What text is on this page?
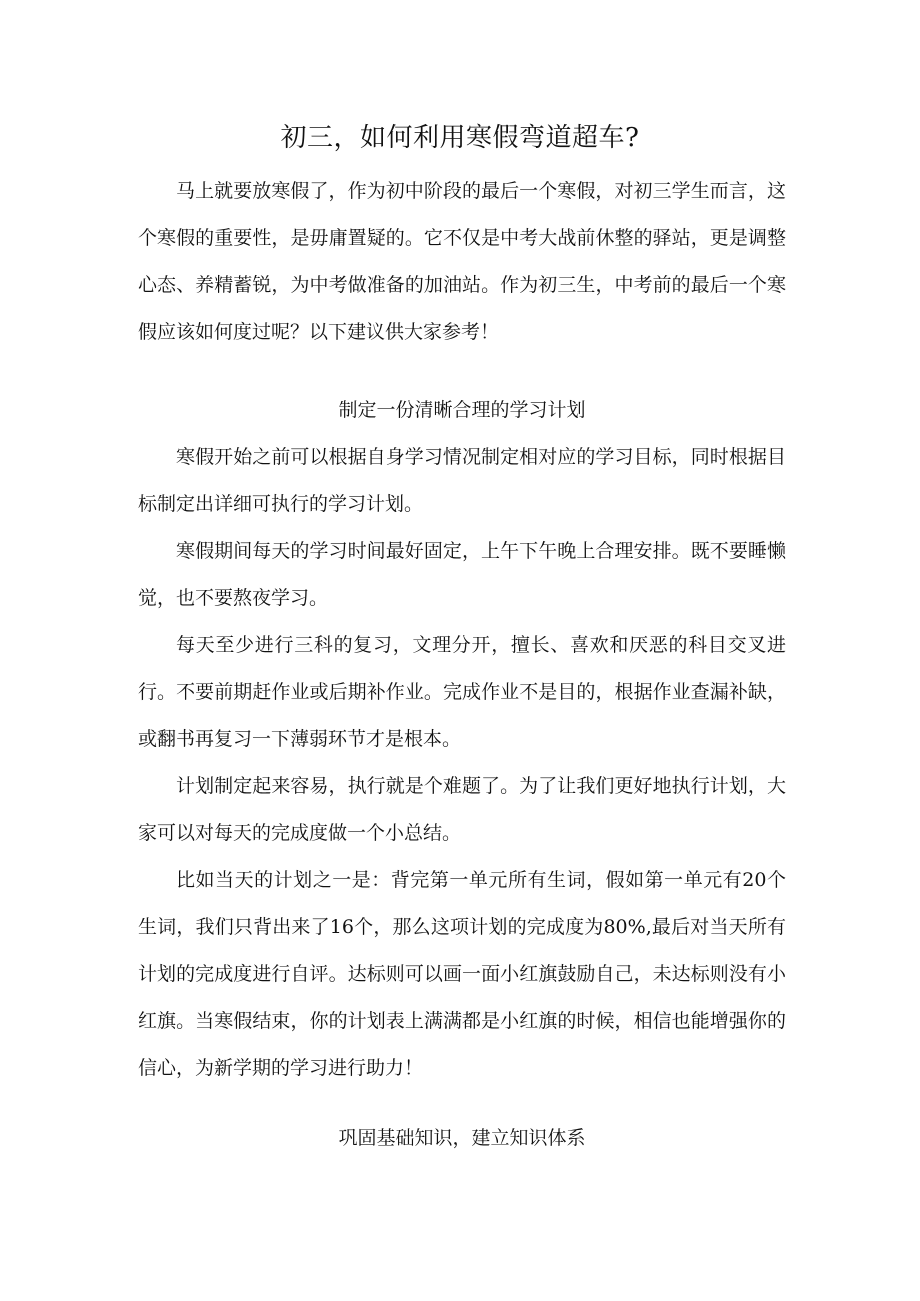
初三，如何利用寒假弯道超车?

马上就要放寒假了，作为初中阶段的最后一个寒假，对初三学生而言，这个寒假的重要性，是毋庸置疑的。它不仅是中考大战前休整的驿站，更是调整心态、养精蓄锐，为中考做准备的加油站。作为初三生，中考前的最后一个寒假应该如何度过呢？以下建议供大家参考！

制定一份清晰合理的学习计划

寒假开始之前可以根据自身学习情况制定相对应的学习目标，同时根据目标制定出详细可执行的学习计划。

寒假期间每天的学习时间最好固定，上午下午晚上合理安排。既不要睡懒觉，也不要熬夜学习。

每天至少进行三科的复习，文理分开，擅长、喜欢和厌恶的科目交叉进行。不要前期赶作业或后期补作业。完成作业不是目的，根据作业查漏补缺，或翻书再复习一下薄弱环节才是根本。

计划制定起来容易，执行就是个难题了。为了让我们更好地执行计划，大家可以对每天的完成度做一个小总结。

比如当天的计划之一是：背完第一单元所有生词，假如第一单元有20个生词，我们只背出来了16个，那么这项计划的完成度为80%,最后对当天所有计划的完成度进行自评。达标则可以画一面小红旗鼓励自己，未达标则没有小红旗。当寒假结束，你的计划表上满满都是小红旗的时候，相信也能增强你的信心，为新学期的学习进行助力！

巩固基础知识，建立知识体系
